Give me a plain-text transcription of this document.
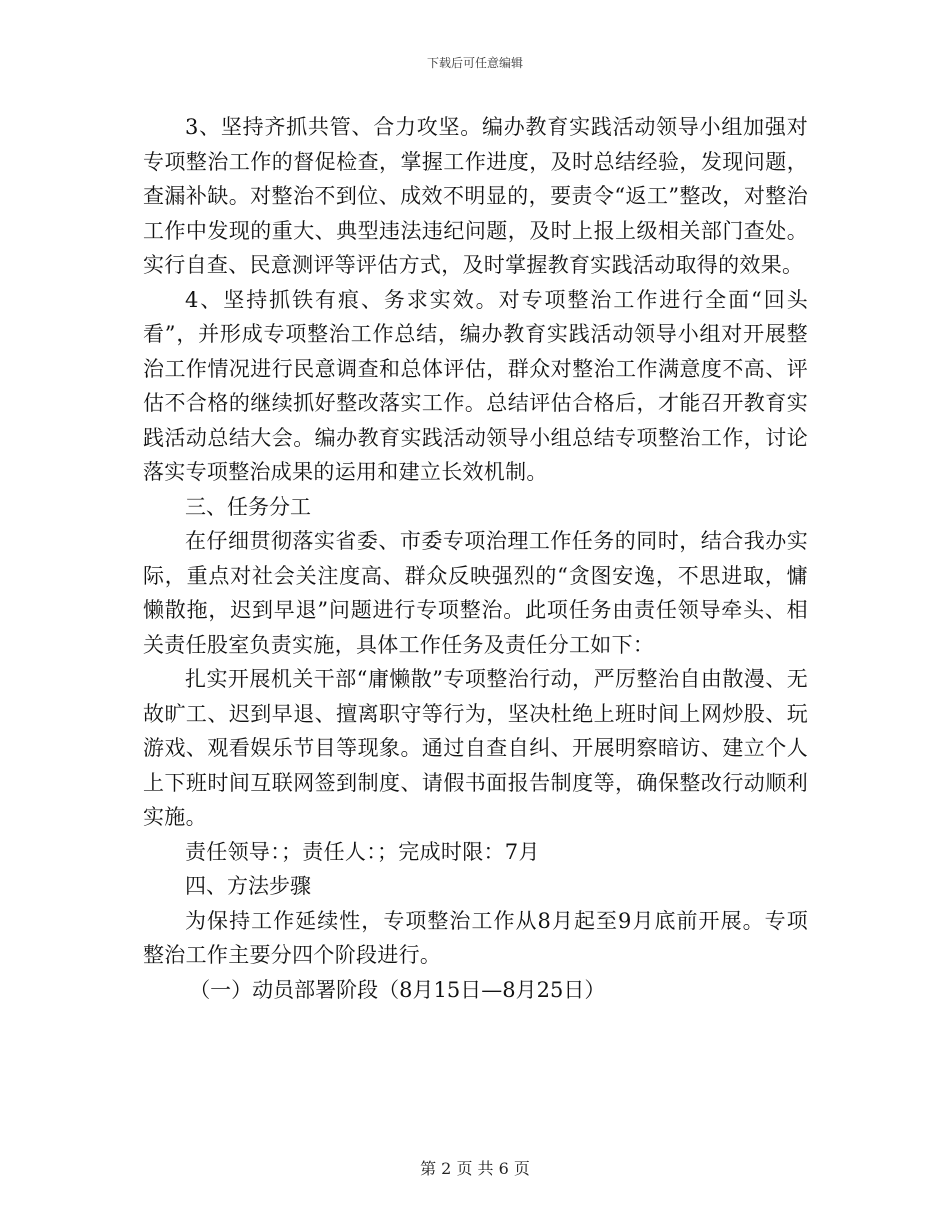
下载后可任意编辑

3、坚持齐抓共管、合力攻坚。编办教育实践活动领导小组加强对专项整治工作的督促检查，掌握工作进度，及时总结经验，发现问题，查漏补缺。对整治不到位、成效不明显的，要责令“返工”整改，对整治工作中发现的重大、典型违法违纪问题，及时上报上级相关部门查处。实行自查、民意测评等评估方式，及时掌握教育实践活动取得的效果。

4、坚持抓铁有痕、务求实效。对专项整治工作进行全面“回头看”，并形成专项整治工作总结，编办教育实践活动领导小组对开展整治工作情况进行民意调查和总体评估，群众对整治工作满意度不高、评估不合格的继续抓好整改落实工作。总结评估合格后，才能召开教育实践活动总结大会。编办教育实践活动领导小组总结专项整治工作，讨论落实专项整治成果的运用和建立长效机制。

三、任务分工

在仔细贯彻落实省委、市委专项治理工作任务的同时，结合我办实际，重点对社会关注度高、群众反映强烈的“贪图安逸，不思进取，慵懒散拖，迟到早退”问题进行专项整治。此项任务由责任领导牵头、相关责任股室负责实施，具体工作任务及责任分工如下：

扎实开展机关干部“庸懒散”专项整治行动，严厉整治自由散漫、无故旷工、迟到早退、擅离职守等行为，坚决杜绝上班时间上网炒股、玩游戏、观看娱乐节目等现象。通过自查自纠、开展明察暗访、建立个人上下班时间互联网签到制度、请假书面报告制度等，确保整改行动顺利实施。

责任领导：；责任人：；完成时限：7月

四、方法步骤

为保持工作延续性，专项整治工作从8月起至9月底前开展。专项整治工作主要分四个阶段进行。

（一）动员部署阶段（8月15日—8月25日）

第 2 页 共 6 页
